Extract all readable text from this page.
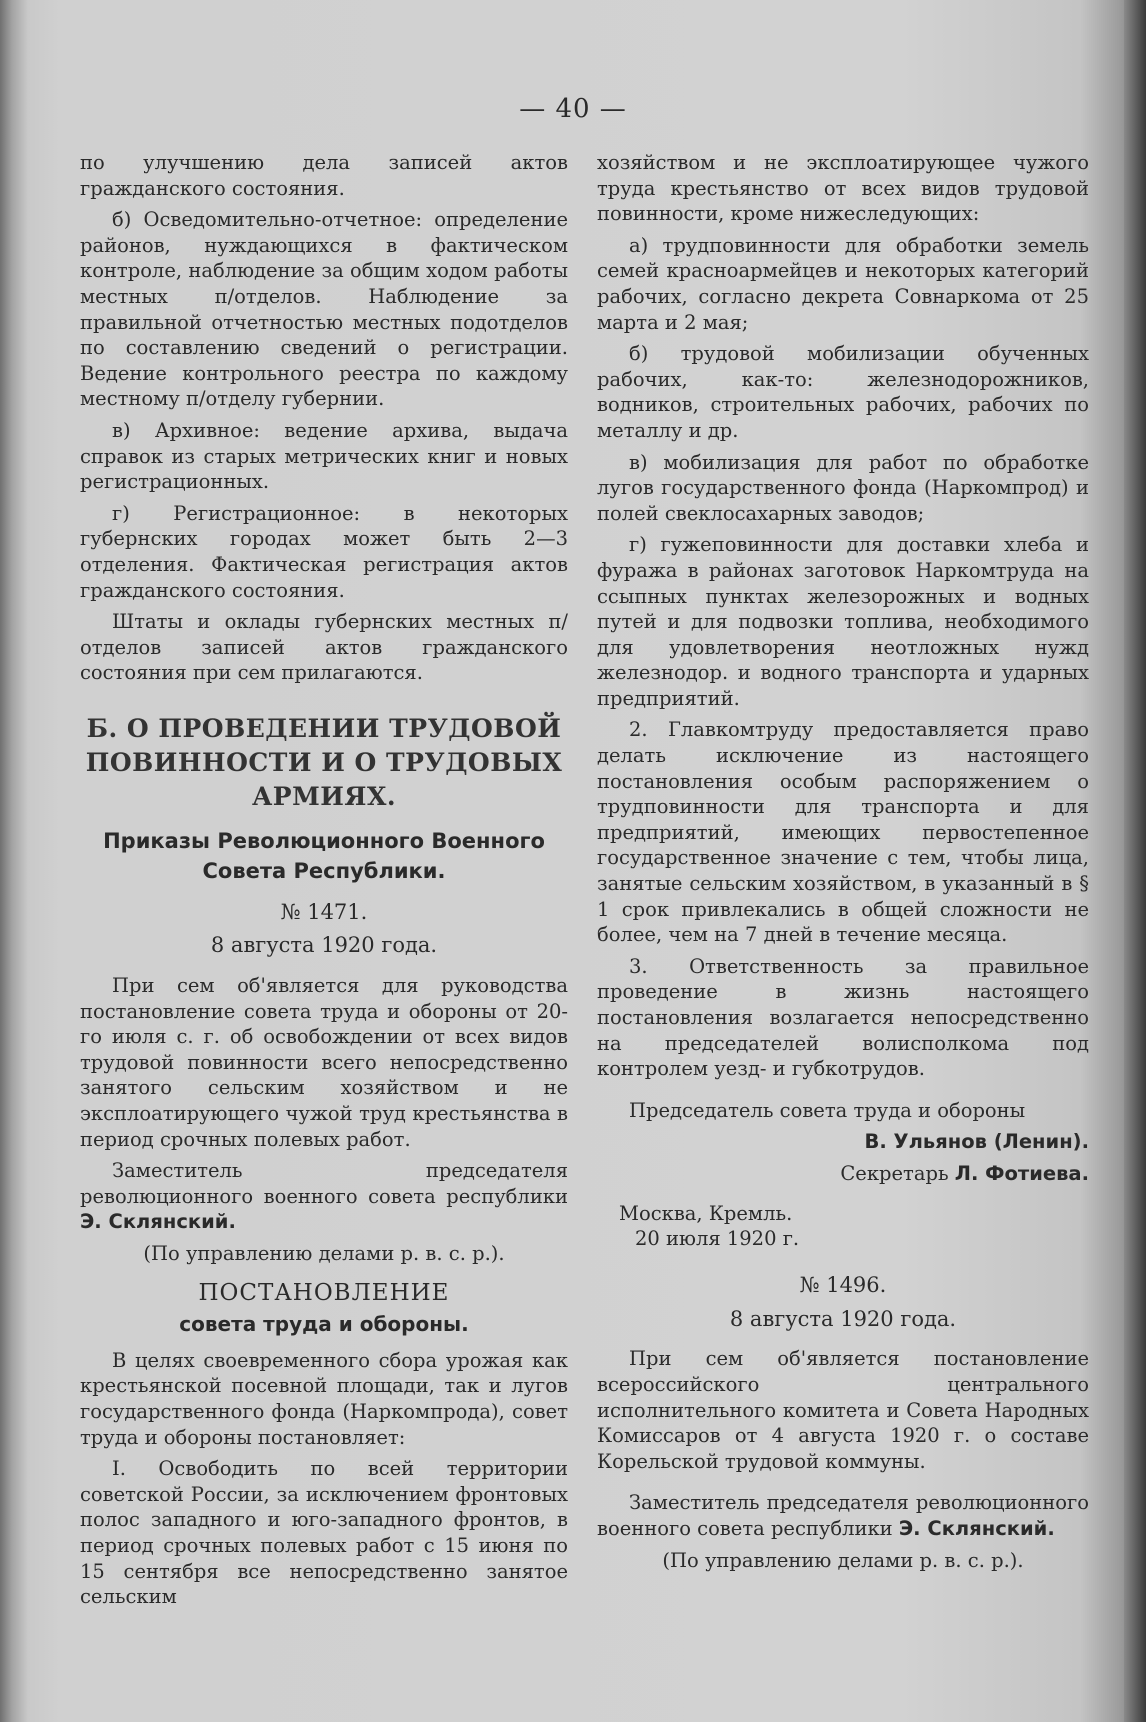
— 40 —

по улучшению дела записей актов гражданского состояния.

б) Осведомительно-отчетное: определение районов, нуждающихся в фактическом контроле, наблюдение за общим ходом работы местных п/отделов. Наблюдение за правильной отчетностью местных подотделов по составлению сведений о регистрации. Ведение контрольного реестра по каждому местному п/отделу губернии.

в) Архивное: ведение архива, выдача справок из старых метрических книг и новых регистрационных.

г) Регистрационное: в некоторых губернских городах может быть 2—3 отделения. Фактическая регистрация актов гражданского состояния.

Штаты и оклады губернских местных п/отделов записей актов гражданского состояния при сем прилагаются.

Б. О ПРОВЕДЕНИИ ТРУДОВОЙ ПОВИННОСТИ И О ТРУДОВЫХ АРМИЯХ.
Приказы Революционного Военного Совета Республики.
№ 1471.
8 августа 1920 года.

При сем об'является для руководства постановление совета труда и обороны от 20-го июля с. г. об освобождении от всех видов трудовой повинности всего непосредственно занятого сельским хозяйством и не эксплоатирующего чужой труд крестьянства в период срочных полевых работ.

Заместитель председателя революционного военного совета республики Э. Склянский.

(По управлению делами р. в. с. р.).

ПОСТАНОВЛЕНИЕ
совета труда и обороны.

В целях своевременного сбора урожая как крестьянской посевной площади, так и лугов государственного фонда (Наркомпрода), совет труда и обороны постановляет:

I. Освободить по всей территории советской России, за исключением фронтовых полос западного и юго-западного фронтов, в период срочных полевых работ с 15 июня по 15 сентября все непосредственно занятое сельским

хозяйством и не эксплоатирующее чужого труда крестьянство от всех видов трудовой повинности, кроме нижеследующих:

а) трудповинности для обработки земель семей красноармейцев и некоторых категорий рабочих, согласно декрета Совнаркома от 25 марта и 2 мая;

б) трудовой мобилизации обученных рабочих, как-то: железнодорожников, водников, строительных рабочих, рабочих по металлу и др.

в) мобилизация для работ по обработке лугов государственного фонда (Наркомпрод) и полей свеклосахарных заводов;

г) гужеповинности для доставки хлеба и фуража в районах заготовок Наркомтруда на ссыпных пунктах железорожных и водных путей и для подвозки топлива, необходимого для удовлетворения неотложных нужд железнодор. и водного транспорта и ударных предприятий.

2. Главкомтруду предоставляется право делать исключение из настоящего постановления особым распоряжением о трудповинности для транспорта и для предприятий, имеющих первостепенное государственное значение с тем, чтобы лица, занятые сельским хозяйством, в указанный в § 1 срок привлекались в общей сложности не более, чем на 7 дней в течение месяца.

3. Ответственность за правильное проведение в жизнь настоящего постановления возлагается непосредственно на председателей волисполкома под контролем уезд- и губкотрудов.

Председатель совета труда и обороны

В. Ульянов (Ленин).

Секретарь Л. Фотиева.

Москва, Кремль.
20 июля 1920 г.
№ 1496.
8 августа 1920 года.

При сем об'является постановление всероссийского центрального исполнительного комитета и Совета Народных Комиссаров от 4 августа 1920 г. о составе Корельской трудовой коммуны.

Заместитель председателя революционного военного совета республики Э. Склянский.

(По управлению делами р. в. с. р.).
